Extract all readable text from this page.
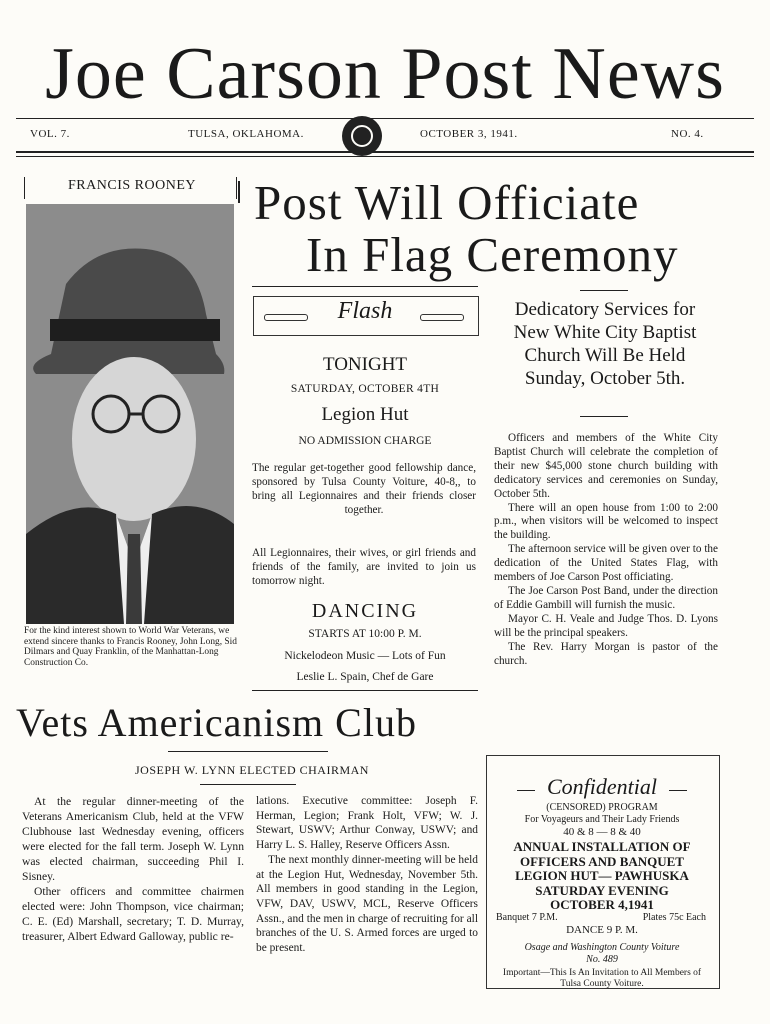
Joe Carson Post News
VOL. 7.	TULSA, OKLAHOMA.	OCTOBER 3, 1941.	NO. 4.
FRANCIS ROONEY
For the kind interest shown to World War Veterans, we extend sincere thanks to Francis Rooney, John Long, Sid Dilmars and Quay Franklin, of the Manhattan-Long Construction Co.
Post Will Officiate
In Flag Ceremony
Flash
TONIGHT
SATURDAY, OCTOBER 4TH
Legion Hut
NO ADMISSION CHARGE
The regular get-together good fellowship dance, sponsored by Tulsa County Voiture, 40-8,, to bring all Legionnaires and their friends closer together.
All Legionnaires, their wives, or girl friends and friends of the family, are invited to join us tomorrow night.
DANCING
STARTS AT 10:00 P. M.
Nickelodeon Music — Lots of Fun
Leslie L. Spain, Chef de Gare
Dedicatory Services for
New White City Baptist
Church Will Be Held
Sunday, October 5th.
Officers and members of the White City Baptist Church will celebrate the completion of their new $45,000 stone church building with dedicatory services and ceremonies on Sunday, October 5th.
There will an open house from 1:00 to 2:00 p.m., when visitors will be welcomed to inspect the building.
The afternoon service will be given over to the dedication of the United States Flag, with members of Joe Carson Post officiating.
The Joe Carson Post Band, under the direction of Eddie Gambill will furnish the music.
Mayor C. H. Veale and Judge Thos. D. Lyons will be the principal speakers.
The Rev. Harry Morgan is pastor of the church.
Confidential
(CENSORED) PROGRAM
For Voyageurs and Their Lady Friends
40 & 8 — 8 & 40
ANNUAL INSTALLATION OF
OFFICERS AND BANQUET
LEGION HUT— PAWHUSKA
SATURDAY EVENING
OCTOBER 4,1941
Banquet 7 P.M.	Plates 75c Each
DANCE 9 P. M.
Osage and Washington County Voiture
No. 489
Important—This Is An Invitation to All Members of Tulsa County Voiture.
Vets Americanism Club
JOSEPH W. LYNN ELECTED CHAIRMAN
At the regular dinner-meeting of the Veterans Americanism Club, held at the VFW Clubhouse last Wednesday evening, officers were elected for the fall term. Joseph W. Lynn was elected chairman, succeeding Phil I. Sisney.
Other officers and committee chairmen elected were: John Thompson, vice chairman; C. E. (Ed) Marshall, secretary; T. D. Murray, treasurer, Albert Edward Galloway, public re-
lations. Executive committee: Joseph F. Herman, Legion; Frank Holt, VFW; W. J. Stewart, USWV; Arthur Conway, USWV; and Harry L. S. Halley, Reserve Officers Assn.
The next monthly dinner-meeting will be held at the Legion Hut, Wednesday, November 5th. All members in good standing in the Legion, VFW, DAV, USWV, MCL, Reserve Officers Assn., and the men in charge of recruiting for all branches of the U. S. Armed forces are urged to be present.
